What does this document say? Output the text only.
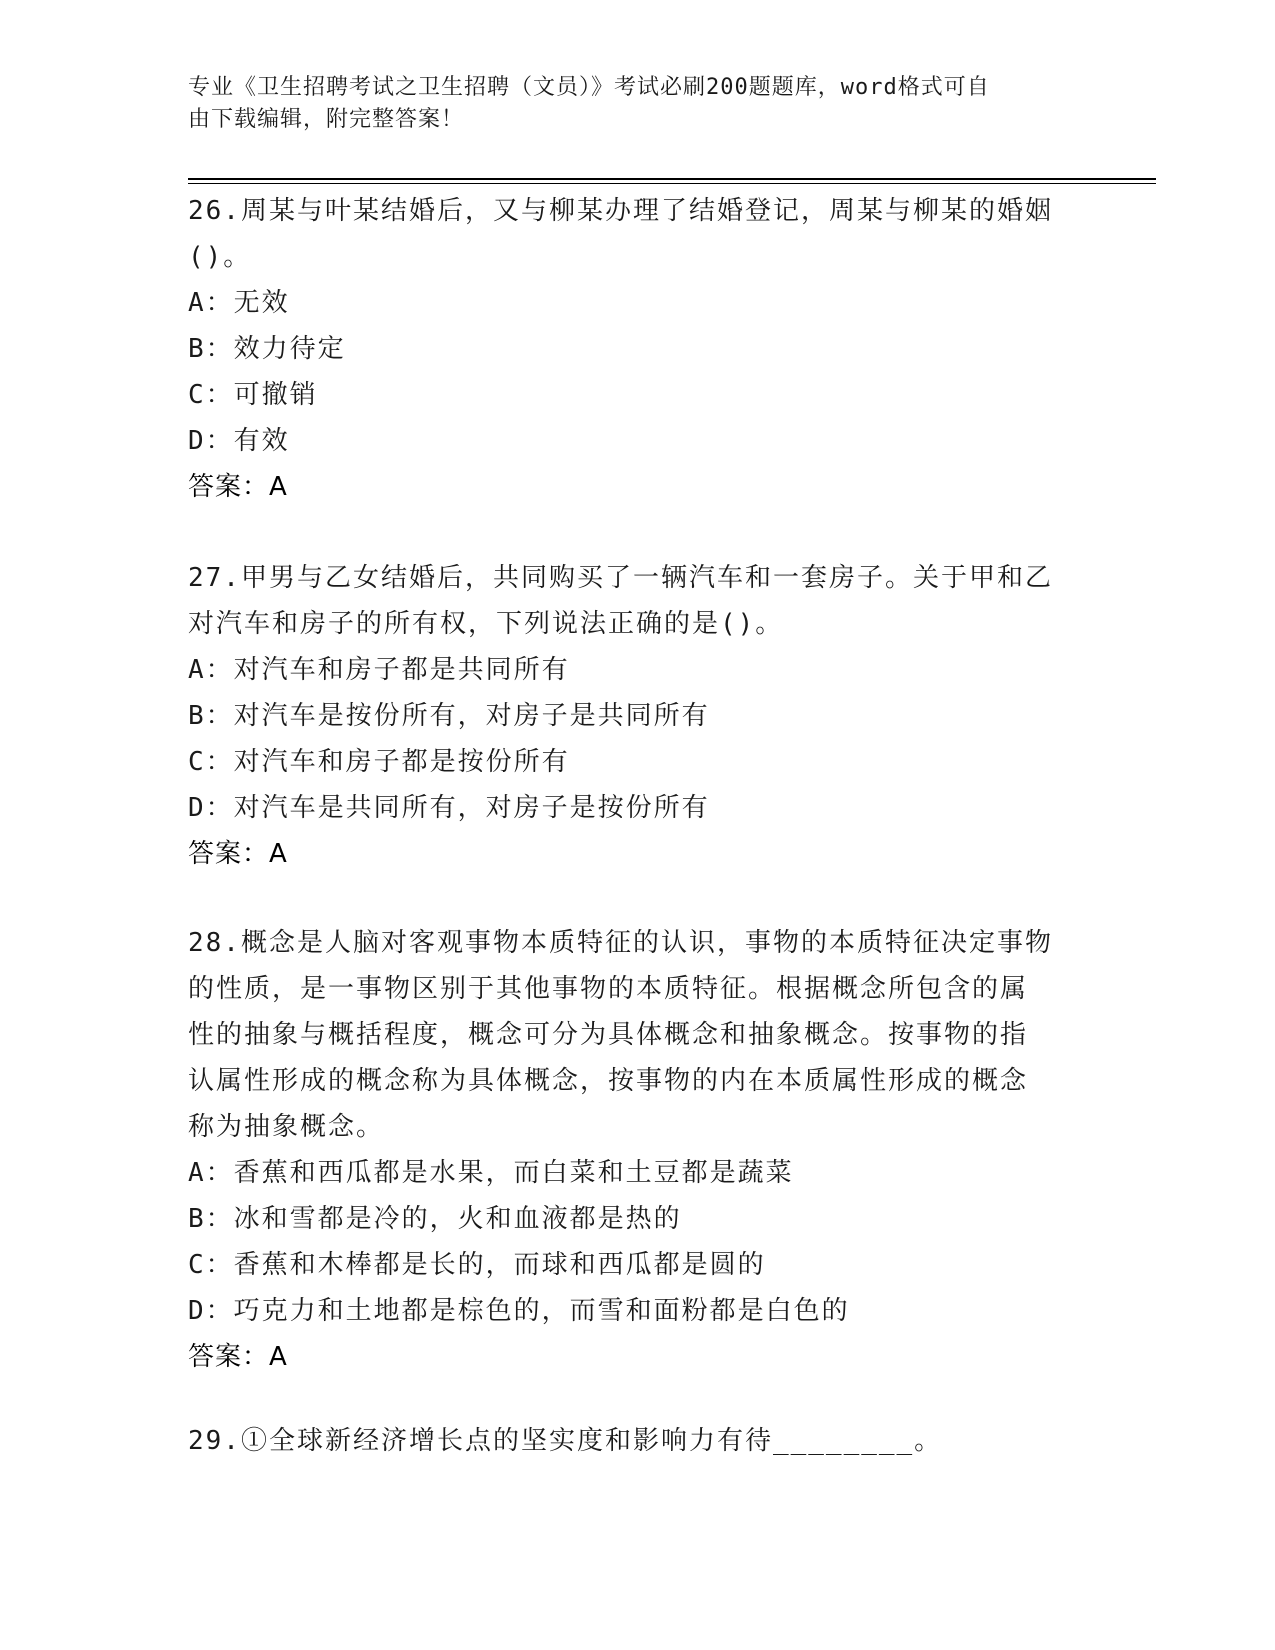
专业《卫生招聘考试之卫生招聘（文员）》考试必刷200题题库，word格式可自
由下载编辑，附完整答案！
26.周某与叶某结婚后，又与柳某办理了结婚登记，周某与柳某的婚姻
()。
A：无效
B：效力待定
C：可撤销
D：有效
答案：A
27.甲男与乙女结婚后，共同购买了一辆汽车和一套房子。关于甲和乙
对汽车和房子的所有权，下列说法正确的是()。
A：对汽车和房子都是共同所有
B：对汽车是按份所有，对房子是共同所有
C：对汽车和房子都是按份所有
D：对汽车是共同所有，对房子是按份所有
答案：A
28.概念是人脑对客观事物本质特征的认识，事物的本质特征决定事物
的性质，是一事物区别于其他事物的本质特征。根据概念所包含的属
性的抽象与概括程度，概念可分为具体概念和抽象概念。按事物的指
认属性形成的概念称为具体概念，按事物的内在本质属性形成的概念
称为抽象概念。
A：香蕉和西瓜都是水果，而白菜和土豆都是蔬菜
B：冰和雪都是冷的，火和血液都是热的
C：香蕉和木棒都是长的，而球和西瓜都是圆的
D：巧克力和土地都是棕色的，而雪和面粉都是白色的
答案：A
29.①全球新经济增长点的坚实度和影响力有待________。
